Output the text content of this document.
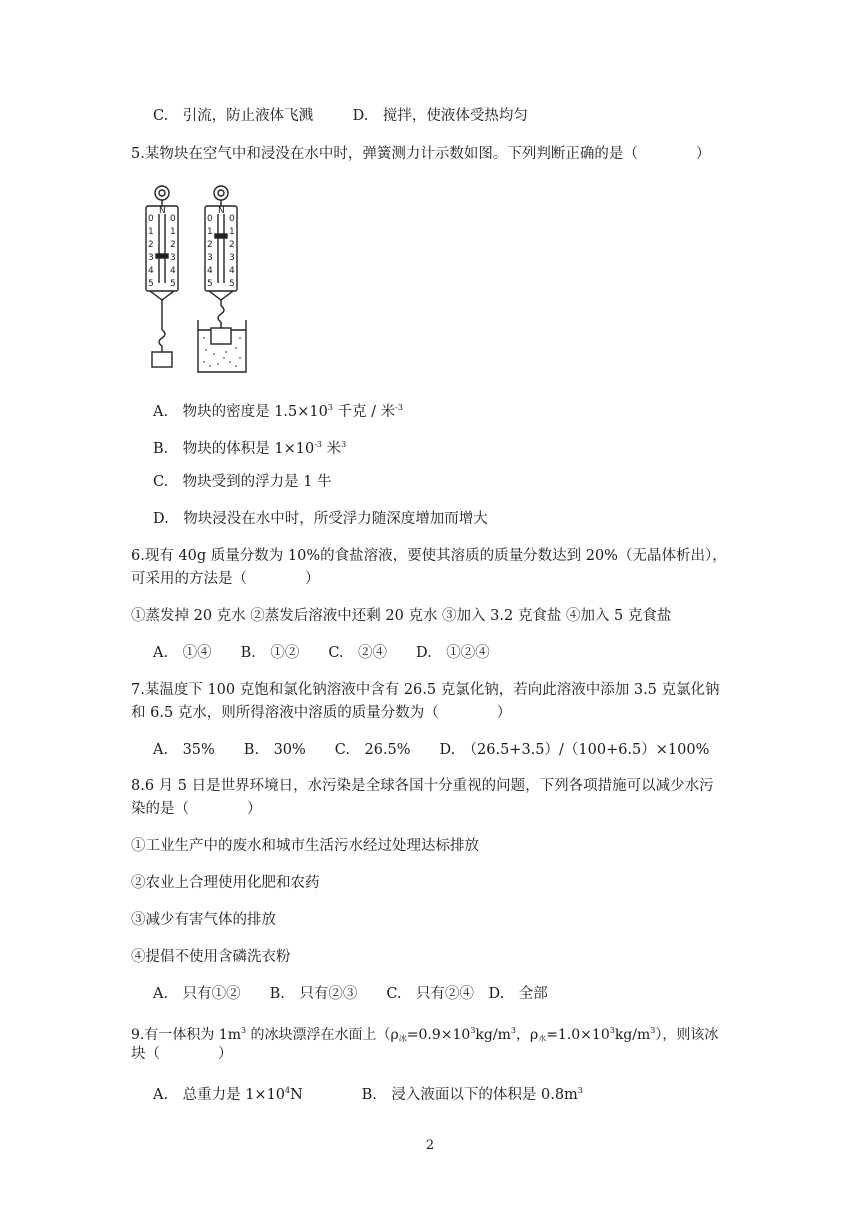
C.　引流，防止液体飞溅	D.　搅拌，使液体受热均匀
5.某物块在空气中和浸没在水中时，弹簧测力计示数如图。下列判断正确的是（　　　　）
N
0 0
1 1
2 2
3 3
4 4
5 5
N
0 0
1 1
2 2
3 3
4 4
5 5
A.　物块的密度是 $1.5\times 10^3$ 千克 / 米$^{-3}$
B.　物块的体积是 $1\times 10^{-3}$ 米$^3$
C.　物块受到的浮力是 1 牛
D.　物块浸没在水中时，所受浮力随深度增加而增大
6.现有 40g 质量分数为 10%的食盐溶液，要使其溶质的质量分数达到 20%（无晶体析出），
可采用的方法是（　　　　）
①蒸发掉 20 克水 ②蒸发后溶液中还剩 20 克水 ③加入 3.2 克食盐 ④加入 5 克食盐
A.　①④　　B.　①②　　C.　②④　　D.　①②④
7.某温度下 100 克饱和氯化钠溶液中含有 26.5 克氯化钠，若向此溶液中添加 3.5 克氯化钠
和 6.5 克水，则所得溶液中溶质的质量分数为（　　　　）
A.　35%　　B.　30%　　C.　26.5%　　D.　（26.5+3.5）/（100+6.5）×100%
8.6 月 5 日是世界环境日，水污染是全球各国十分重视的问题，下列各项措施可以减少水污
染的是（　　　　）
①工业生产中的废水和城市生活污水经过处理达标排放
②农业上合理使用化肥和农药
③减少有害气体的排放
④提倡不使用含磷洗衣粉
A.　只有①②　　B.　只有②③　　C.　只有②④　D.　全部
9.有一体积为 $1m^3$ 的冰块漂浮在水面上（$\rho_冰=0.9\times 10^3kg/m^3$，$\rho_水=1.0\times 10^3kg/m^3$），则该冰
块（　　　　）
A.　总重力是 $1\times 10^4N$	B.　浸入液面以下的体积是 $0.8m^3$
2
